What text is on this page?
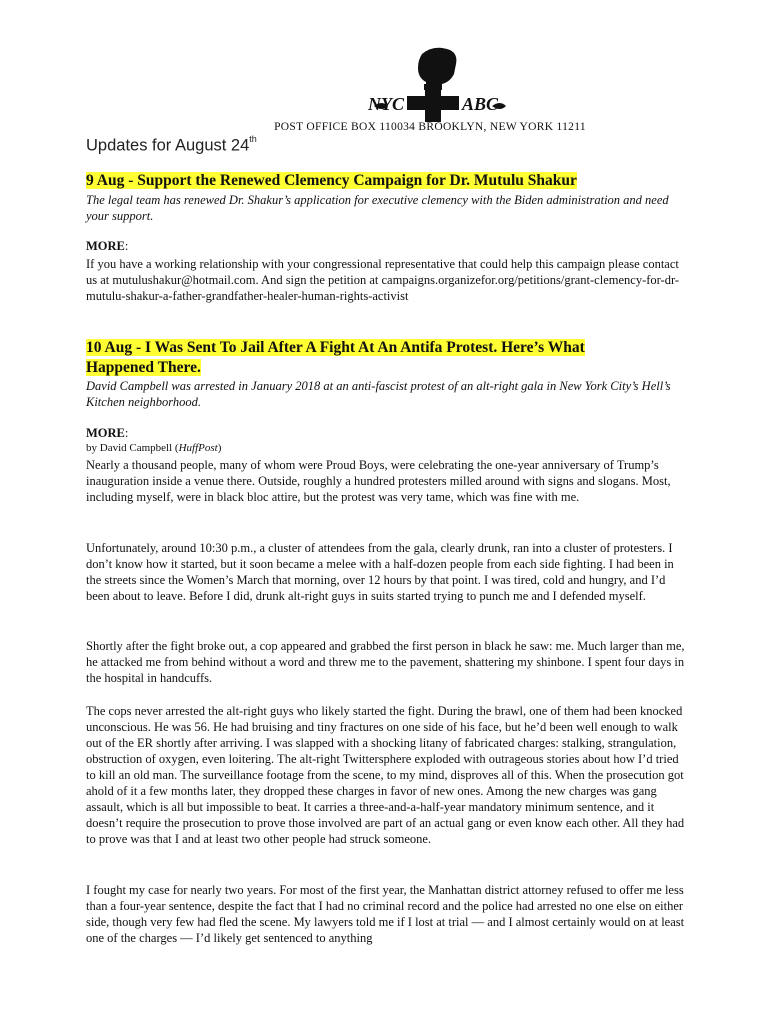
NYC	ABC
POST OFFICE BOX 110034 BROOKLYN, NEW YORK 11211
Updates for August 24th
9 Aug - Support the Renewed Clemency Campaign for Dr. Mutulu Shakur

The legal team has renewed Dr. Shakur’s application for executive clemency with the Biden administration and need your support.

MORE:

If you have a working relationship with your congressional representative that could help this campaign please contact us at mutulushakur@hotmail.com. And sign the petition at campaigns.organizefor.org/petitions/grant-clemency-for-dr-mutulu-shakur-a-father-grandfather-healer-human-rights-activist

10 Aug - I Was Sent To Jail After A Fight At An Antifa Protest. Here’s What
Happened There.

David Campbell was arrested in January 2018 at an anti-fascist protest of an alt-right gala in New York City’s Hell’s Kitchen neighborhood.

MORE:

by David Campbell (HuffPost)

Nearly a thousand people, many of whom were Proud Boys, were celebrating the one-year anniversary of Trump’s inauguration inside a venue there. Outside, roughly a hundred protesters milled around with signs and slogans. Most, including myself, were in black bloc attire, but the protest was very tame, which was fine with me.

Unfortunately, around 10:30 p.m., a cluster of attendees from the gala, clearly drunk, ran into a cluster of protesters. I don’t know how it started, but it soon became a melee with a half-dozen people from each side fighting. I had been in the streets since the Women’s March that morning, over 12 hours by that point. I was tired, cold and hungry, and I’d been about to leave. Before I did, drunk alt-right guys in suits started trying to punch me and I defended myself.

Shortly after the fight broke out, a cop appeared and grabbed the first person in black he saw: me. Much larger than me, he attacked me from behind without a word and threw me to the pavement, shattering my shinbone. I spent four days in the hospital in handcuffs.

The cops never arrested the alt-right guys who likely started the fight. During the brawl, one of them had been knocked unconscious. He was 56. He had bruising and tiny fractures on one side of his face, but he’d been well enough to walk out of the ER shortly after arriving. I was slapped with a shocking litany of fabricated charges: stalking, strangulation, obstruction of oxygen, even loitering. The alt-right Twittersphere exploded with outrageous stories about how I’d tried to kill an old man. The surveillance footage from the scene, to my mind, disproves all of this. When the prosecution got ahold of it a few months later, they dropped these charges in favor of new ones. Among the new charges was gang assault, which is all but impossible to beat. It carries a three-and-a-half-year mandatory minimum sentence, and it doesn’t require the prosecution to prove those involved are part of an actual gang or even know each other. All they had to prove was that I and at least two other people had struck someone.

I fought my case for nearly two years. For most of the first year, the Manhattan district attorney refused to offer me less than a four-year sentence, despite the fact that I had no criminal record and the police had arrested no one else on either side, though very few had fled the scene. My lawyers told me if I lost at trial — and I almost certainly would on at least one of the charges — I’d likely get sentenced to anything
